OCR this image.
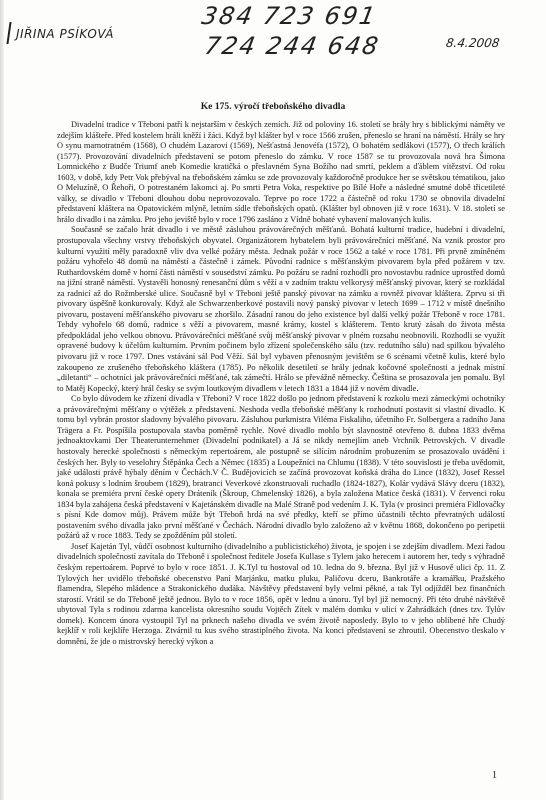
JIŘINA PSÍKOVÁ
384 723 691
724 244 648	8.4.2008
Ke 175. výročí třeboňského divadla

Divadelní tradice v Třeboni patří k nejstarším v českých zemích. Již od poloviny 16. století se hrály hry s biblickými náměty ve zdejším klášteře. Před kostelem hráli kněží i žáci. Když byl klášter byl v roce 1566 zrušen, přeneslo se hraní na náměstí. Hrály se hry O synu marnotratném (1568), O chudém Lazarovi (1569), Nešťastná Jenovéfa (1572), O bohatém sedlákovi (1577), O třech králích (1577). Provozování divadelních představení se potom přeneslo do zámku. V roce 1587 se tu provozovala nová hra Šimona Lomnického z Budče Triumf aneb Komedie kratičká o přeslavném Syna Božího nad smrtí, peklem a ďáblem vítězství. Od roku 1603, v době, kdy Petr Vok přebýval na třeboňském zámku se zde provozovaly každoročně produkce her se světskou tématikou, jako O Meluzíně, O Řehoři, O potrestaném lakomci aj. Po smrti Petra Voka, respektive po Bílé Hoře a následné smutné době třicetileté války, se divadlo v Třeboni dlouhou dobu neprovozovalo. Teprve po roce 1722 a částečně od roku 1730 se obnovila divadelní představení kláštera na Opatovickém mlýně, letním sídle třeboňských opatů. (Klášter byl obnoven již v roce 1631). V 18. století se hrálo divadlo i na zámku. Pro jeho jeviště bylo v roce 1796 zasláno z Vídně bohaté vybavení malovaných kulis.

Současně se začalo hrát divadlo i ve městě zásluhou právovárečných měšťanů. Bohatá kulturní tradice, hudební i divadelní, prostupovala všechny vrstvy třeboňských obyvatel. Organizátorem hybatelem byli právovárečníci měšťané. Na vznik prostor pro kulturní využití měly paradoxně vliv dva velké požáry města. Jednak požár v roce 1562 a také v roce 1781. Při prvně zmíněném požáru vyhořelo 48 domů na náměstí a částečně i zámek. Původní radnice s měšťanským pivovarem byla před požárem v tzv. Ruthardovském domě v horní části náměstí v sousedství zámku. Po požáru se radní rozhodli pro novostavbu radnice uprostřed domů na jižní straně náměstí. Vystavěli honosný renesanční dům s věží a v zadním traktu velkorysý měšťanský pivovar, který se rozkládal za radnicí až do Rožmberské ulice. Současně byl v Třeboni ještě panský pivovar na zámku a rovněž pivovar kláštera. Zprvu si tři pivovary úspěšně konkurovaly. Když ale Schwarzenberkové postavili nový panský pivovar v letech 1699 – 1712 v místě dnešního pivovaru, postavení měšťanského pivovaru se zhoršilo. Zásadní ranou do jeho existence byl další velký požár Třeboně v roce 1781. Tehdy vyhořelo 68 domů, radnice s věží a pivovarem, masné krámy, kostel s klášterem. Tento krutý zásah do života města předpokládal jeho velkou obnovu. Právovárečníci měšťané svůj měšťanský pivovar v plném rozsahu neobnovili. Rozhodli se využít opravené budovy k účelům kulturním. Prvním počinem bylo zřízení společenského sálu (tzv. redutního sálu) nad spilkou bývalého pivovaru již v roce 1797. Dnes vstávání sál Pod Věží. Sál byl vybaven přenosným jevištěm se 6 scénami včetně kulis, které bylo zakoupeno ze zrušeného třeboňského kláštera (1785). Po několik desetiletí se hrály jednak kočovné společnosti a jednak místní „diletanti“ – ochotníci jak právovárečníci měšťané, tak zámečtí. Hrálo se převážně německy. Čeština se prosazovala jen pomalu. Byl to Matěj Kopecký, který hrál česky se svým loutkovým divadlem v letech 1831 a 1844 již v novém divadle.

Co bylo důvodem ke zřízení divadla v Třeboni? V roce 1822 došlo po jednom představení k rozkolu mezi zámeckými ochotníky a právovárečnými měšťany o výtěžek z představení. Neshoda vedla třeboňské měšťany k rozhodnutí postavit si vlastní divadlo. K tomu byl vybrán prostor sladovny bývalého pivovaru. Zásluhou purkmistra Viléma Fiskaliho, účetního Fr. Solbergera a radního Jana Trägera a Fr. Pospíšila postupovala stavba poměrně rychle. Nové divadlo mohlo být slavnostně otevřeno 8. dubna 1833 dvěma jednoaktovkami Der Theaterunternehmer (Divadelní podnikatel) a Já se nikdy nemejlím aneb Vrchník Petrovských. V divadle hostovaly herecké společnosti s německým repertoárem, ale postupně se silícím národním probuzením se prosazovalo uvádění i českých her. Byly to veselohry Štěpánka Čech a Němec (1835) a Loupežníci na Chlumu (1838). V této souvislosti je třeba uvědomit, jaké události právě hýbaly děním v Čechách.V Č. Budějovicích se začíná provozovat koňská dráha do Lince (1832), Josef Ressel koná pokusy s lodním šroubem (1829), bratranci Veverkové zkonstruovali ruchadlo (1824-1827), Kolár vydává Slávy dceru (1832), konala se premiéra první české opery Dráteník (Škroup, Chmelenský 1826), a byla založena Matice česká (1831). V červenci roku 1834 byla zahájena česká představení v Kajetánském divadle na Malé Straně pod vedením J. K. Tyla (v prosinci premiéra Fidlovačky s písní Kde domov můj). Právem může být Třeboň hrdá na své předky, kteří se přímo účastnili těchto převratných událostí postavením svého divadla jako první měšťané v Čechách. Národní divadlo bylo založeno až v květnu 1868, dokončeno po peripetii požárů až v roce 1883. Tedy se zpožděním půl století.

Josef Kajetán Tyl, vůdčí osobnost kulturního (divadelního a publicistického) života, je spojen i se zdejším divadlem. Mezi řadou divadelních společností zavítala do Třeboně i společnost ředitele Josefa Kullase s Tylem jako herecem i autorem her, tedy s výhradně českým repertoárem. Poprvé to bylo v roce 1851. J. K.Tyl tu hostoval od 10. ledna do 9. března. Byl již v Husově ulici čp. 11. Z Tylových her uvidělo třeboňské obecenstvo Paní Marjánku, matku pluku, Paličovu dceru, Bankrotáře a kramářku, Pražského flamendra, Slepého mládence a Strakonického dudáka. Návštěvy představení byly velmi pěkné, a tak Tyl odjížděl bez finančních starostí. Vrátil se do Třeboně ještě jednou. Bylo to v roce 1856, opět v lednu a únoru. Tyl byl již nemocný. Při této druhé návštěvě ubytoval Tyla s rodinou zdarma kancelista okresního soudu Vojtěch Zítek v malém domku v ulici v Zahrádkách (dnes tzv. Tylův domek). Koncem února vystoupil Tyl na prknech našeho divadla ve svém životě naposledy. Bylo to v jeho oblíbené hře Chudý kejklíř v roli kejklíře Herzoga. Ztvárnil tu kus svého strastiplného života. Na konci představení se zhroutil. Obecenstvo tleskalo v domnění, že jde o mistrovský herecký výkon a

1
